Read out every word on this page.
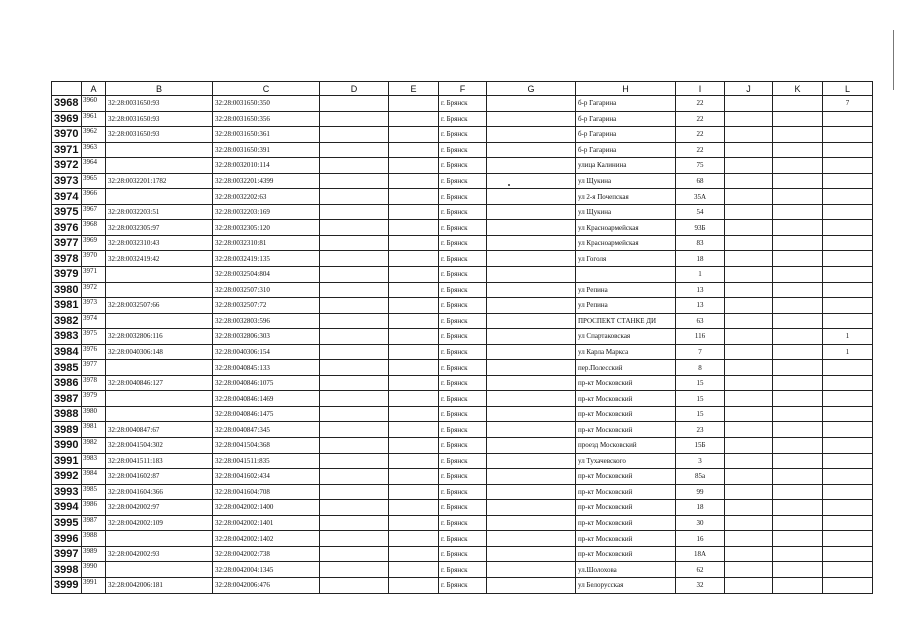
	A	B	C	D	E	F	G	H	I	J	K	L
3968	3960	32:28:0031650:93	32:28:0031650:350			г. Брянск		б-р Гагарина	22			7
3969	3961	32:28:0031650:93	32:28:0031650:356			г. Брянск		б-р Гагарина	22			
3970	3962	32:28:0031650:93	32:28:0031650:361			г. Брянск		б-р Гагарина	22			
3971	3963		32:28:0031650:391			г. Брянск		б-р Гагарина	22			
3972	3964		32:28:0032010:114			г. Брянск		улица Калинина	75			
3973	3965	32:28:0032201:1782	32:28:0032201:4399			г. Брянск		ул Щукина	68			
3974	3966		32:28:0032202:63			г. Брянск		ул 2-я Почепская	35А			
3975	3967	32:28:0032203:51	32:28:0032203:169			г. Брянск		ул Щукина	54			
3976	3968	32:28:0032305:97	32:28:0032305:120			г. Брянск		ул Красноармейская	93Б			
3977	3969	32:28:0032310:43	32:28:0032310:81			г. Брянск		ул Красноармейская	83			
3978	3970	32:28:0032419:42	32:28:0032419:135			г. Брянск		ул Гоголя	18			
3979	3971		32:28:0032504:804			г. Брянск			1			
3980	3972		32:28:0032507:310			г. Брянск		ул Репина	13			
3981	3973	32:28:0032507:66	32:28:0032507:72			г. Брянск		ул Репина	13			
3982	3974		32:28:0032803:596			г. Брянск		ПРОСПЕКТ СТАНКЕ ДИ	63			
3983	3975	32:28:0032806:116	32:28:0032806:303			г. Брянск		ул Спартаковская	116			1
3984	3976	32:28:0040306:148	32:28:0040306:154			г. Брянск		ул Карла Маркса	7			1
3985	3977		32:28:0040845:133			г. Брянск		пер.Полесский	8			
3986	3978	32:28:0040846:127	32:28:0040846:1075			г. Брянск		пр-кт Московский	15			
3987	3979		32:28:0040846:1469			г. Брянск		пр-кт Московский	15			
3988	3980		32:28:0040846:1475			г. Брянск		пр-кт Московский	15			
3989	3981	32:28:0040847:67	32:28:0040847:345			г. Брянск		пр-кт Московский	23			
3990	3982	32:28:0041504:302	32:28:0041504:368			г. Брянск		проезд Московский	15Б			
3991	3983	32:28:0041511:183	32:28:0041511:835			г. Брянск		ул Тухачевского	3			
3992	3984	32:28:0041602:87	32:28:0041602:434			г. Брянск		пр-кт Московский	85а			
3993	3985	32:28:0041604:366	32:28:0041604:708			г. Брянск		пр-кт Московский	99			
3994	3986	32:28:0042002:97	32:28:0042002:1400			г. Брянск		пр-кт Московский	18			
3995	3987	32:28:0042002:109	32:28:0042002:1401			г. Брянск		пр-кт Московский	30			
3996	3988		32:28:0042002:1402			г. Брянск		пр-кт Московский	16			
3997	3989	32:28:0042002:93	32:28:0042002:738			г. Брянск		пр-кт Московский	18А			
3998	3990		32:28:0042004:1345			г. Брянск		ул.Шолохова	62			
3999	3991	32:28:0042006:181	32:28:0042006:476			г. Брянск		ул Белорусская	32			
